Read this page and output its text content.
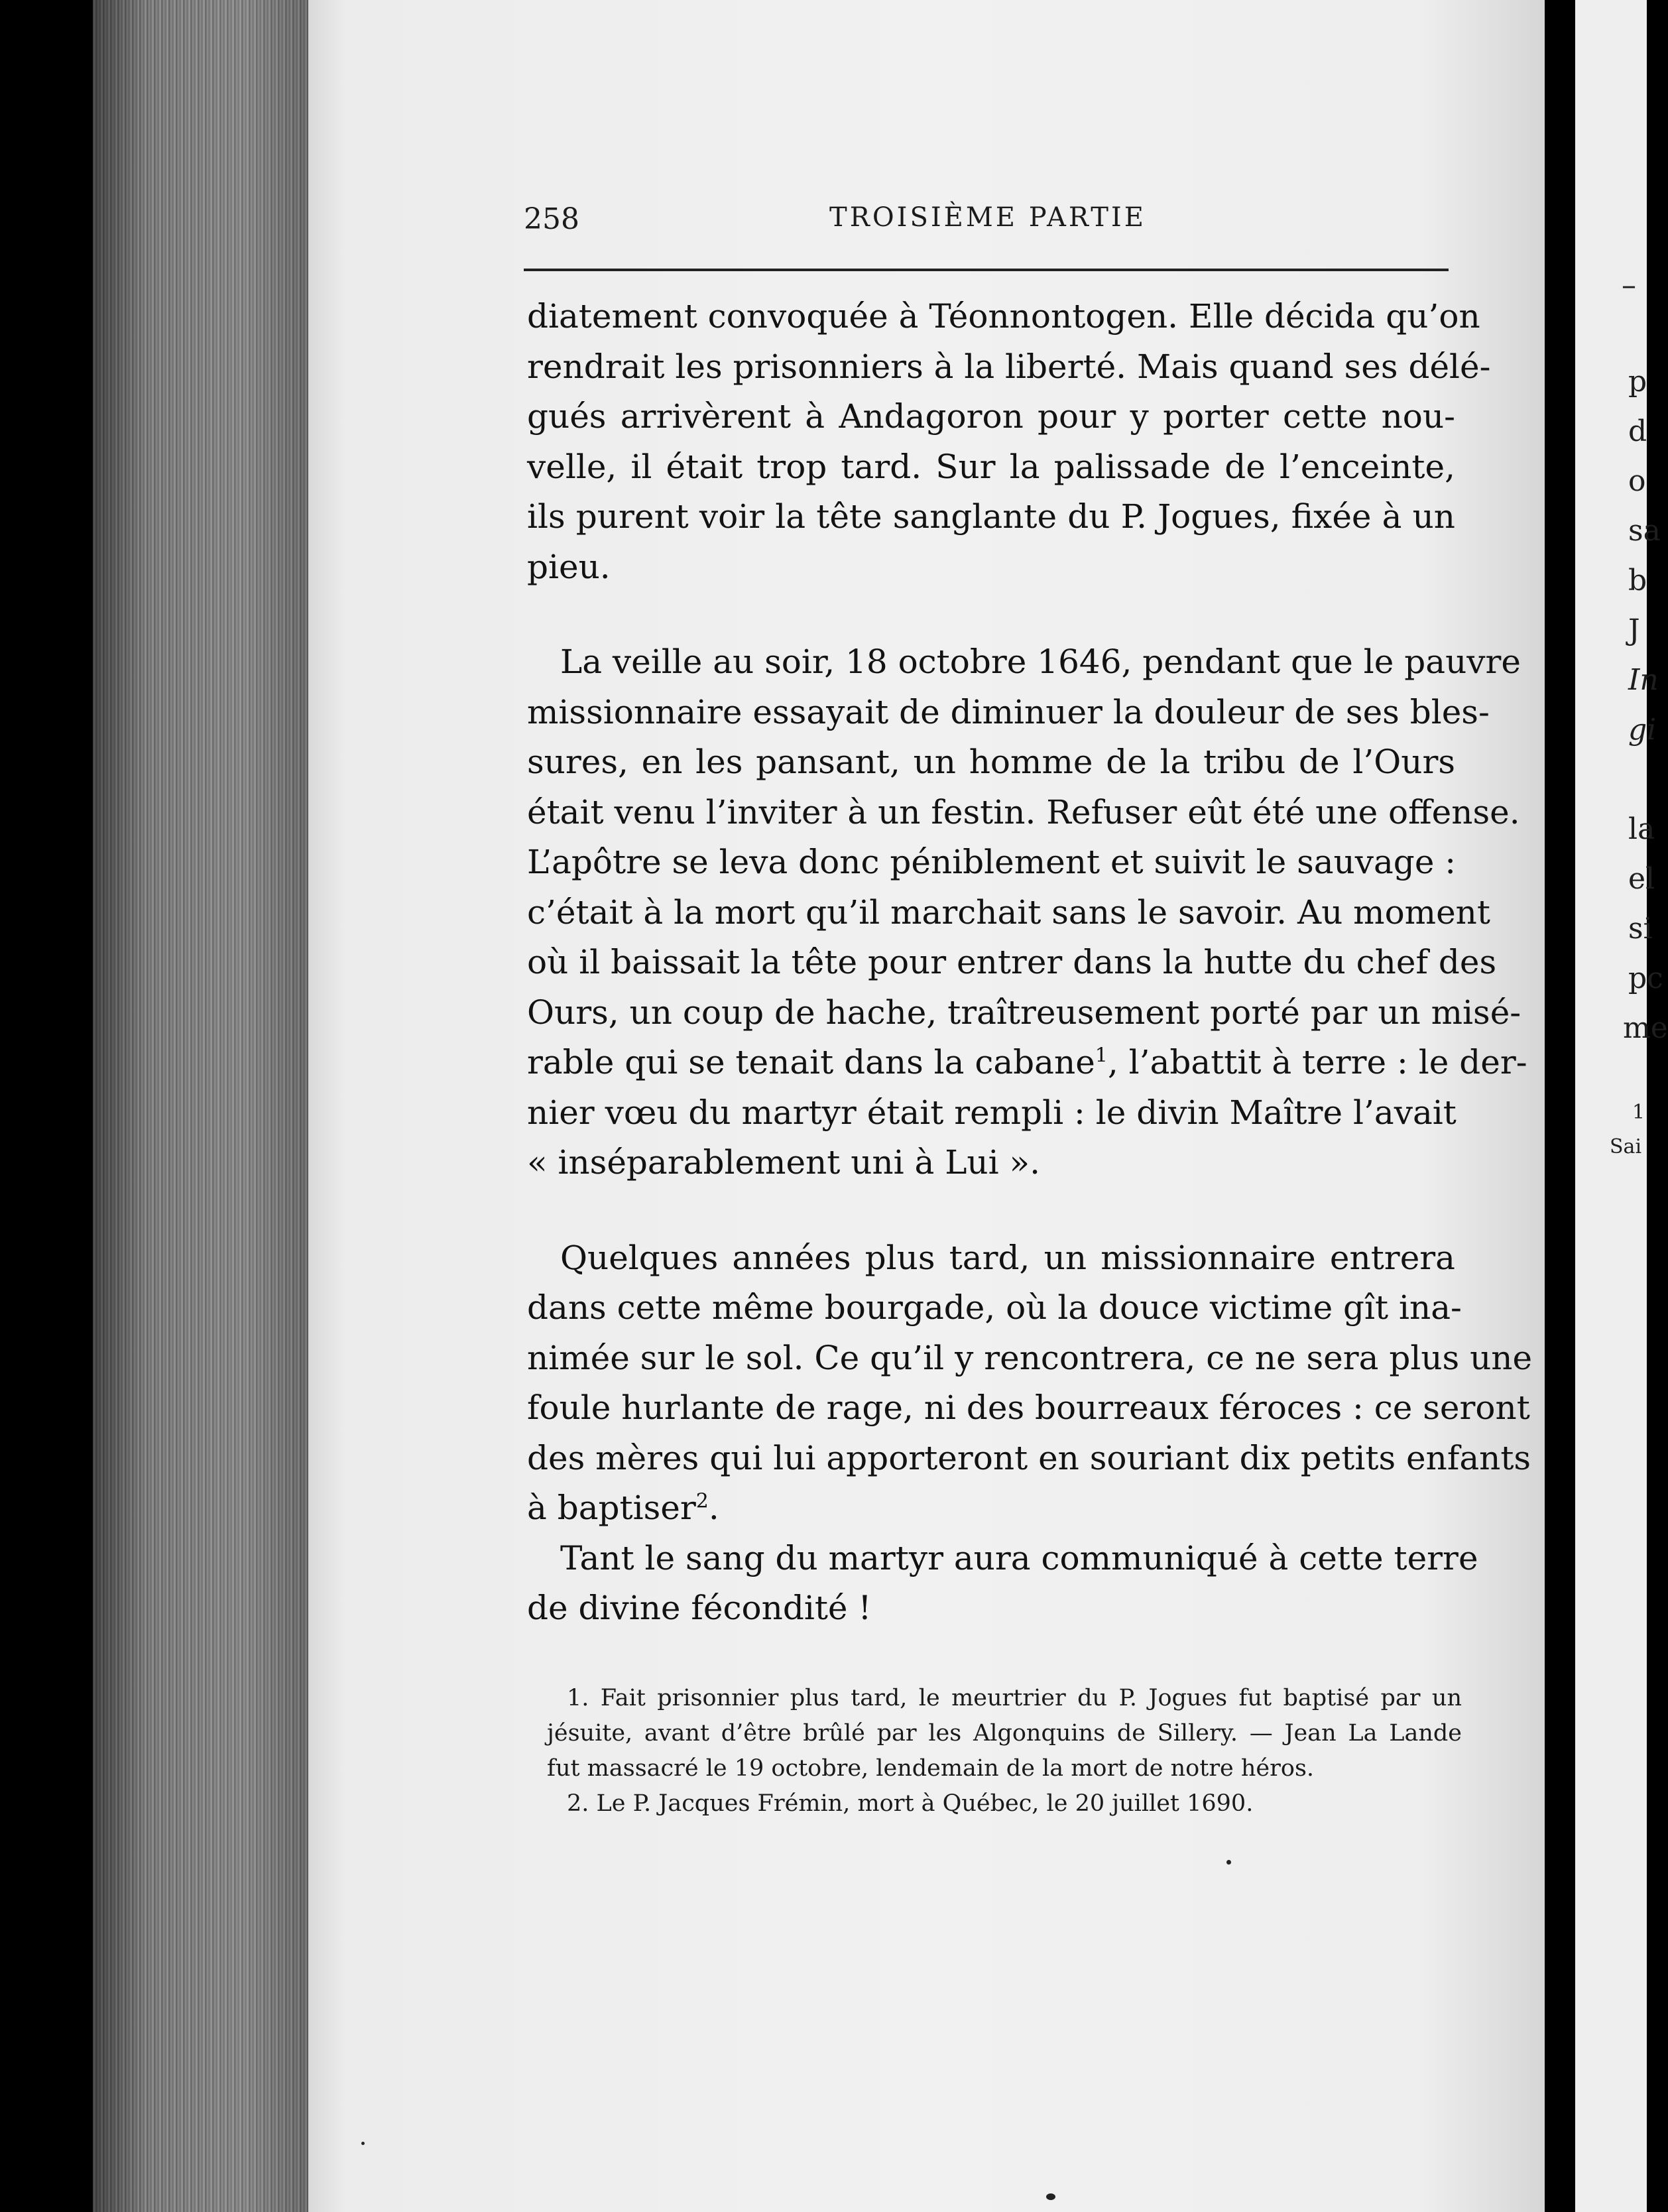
–
p
d
o
sa
b
J
In
gi
la
el
si
pc
me
1
Sai
258	TROISIÈME PARTIE
diatement convoquée à Téonnontogen. Elle décida qu’on
rendrait les prisonniers à la liberté. Mais quand ses délé-
gués arrivèrent à Andagoron pour y porter cette nou-
velle, il était trop tard. Sur la palissade de l’enceinte,
ils purent voir la tête sanglante du P. Jogues, fixée à un
pieu.
La veille au soir, 18 octobre 1646, pendant que le pauvre
missionnaire essayait de diminuer la douleur de ses bles-
sures, en les pansant, un homme de la tribu de l’Ours
était venu l’inviter à un festin. Refuser eût été une offense.
L’apôtre se leva donc péniblement et suivit le sauvage :
c’était à la mort qu’il marchait sans le savoir. Au moment
où il baissait la tête pour entrer dans la hutte du chef des
Ours, un coup de hache, traîtreusement porté par un misé-
rable qui se tenait dans la cabane$^1$, l’abattit à terre : le der-
nier vœu du martyr était rempli : le divin Maître l’avait
« inséparablement uni à Lui ».
Quelques années plus tard, un missionnaire entrera
dans cette même bourgade, où la douce victime gît ina-
nimée sur le sol. Ce qu’il y rencontrera, ce ne sera plus une
foule hurlante de rage, ni des bourreaux féroces : ce seront
des mères qui lui apporteront en souriant dix petits enfants
à baptiser$^2$.
Tant le sang du martyr aura communiqué à cette terre
de divine fécondité !
1. Fait prisonnier plus tard, le meurtrier du P. Jogues fut baptisé par un
jésuite, avant d’être brûlé par les Algonquins de Sillery. — Jean La Lande
fut massacré le 19 octobre, lendemain de la mort de notre héros.
2. Le P. Jacques Frémin, mort à Québec, le 20 juillet 1690.
